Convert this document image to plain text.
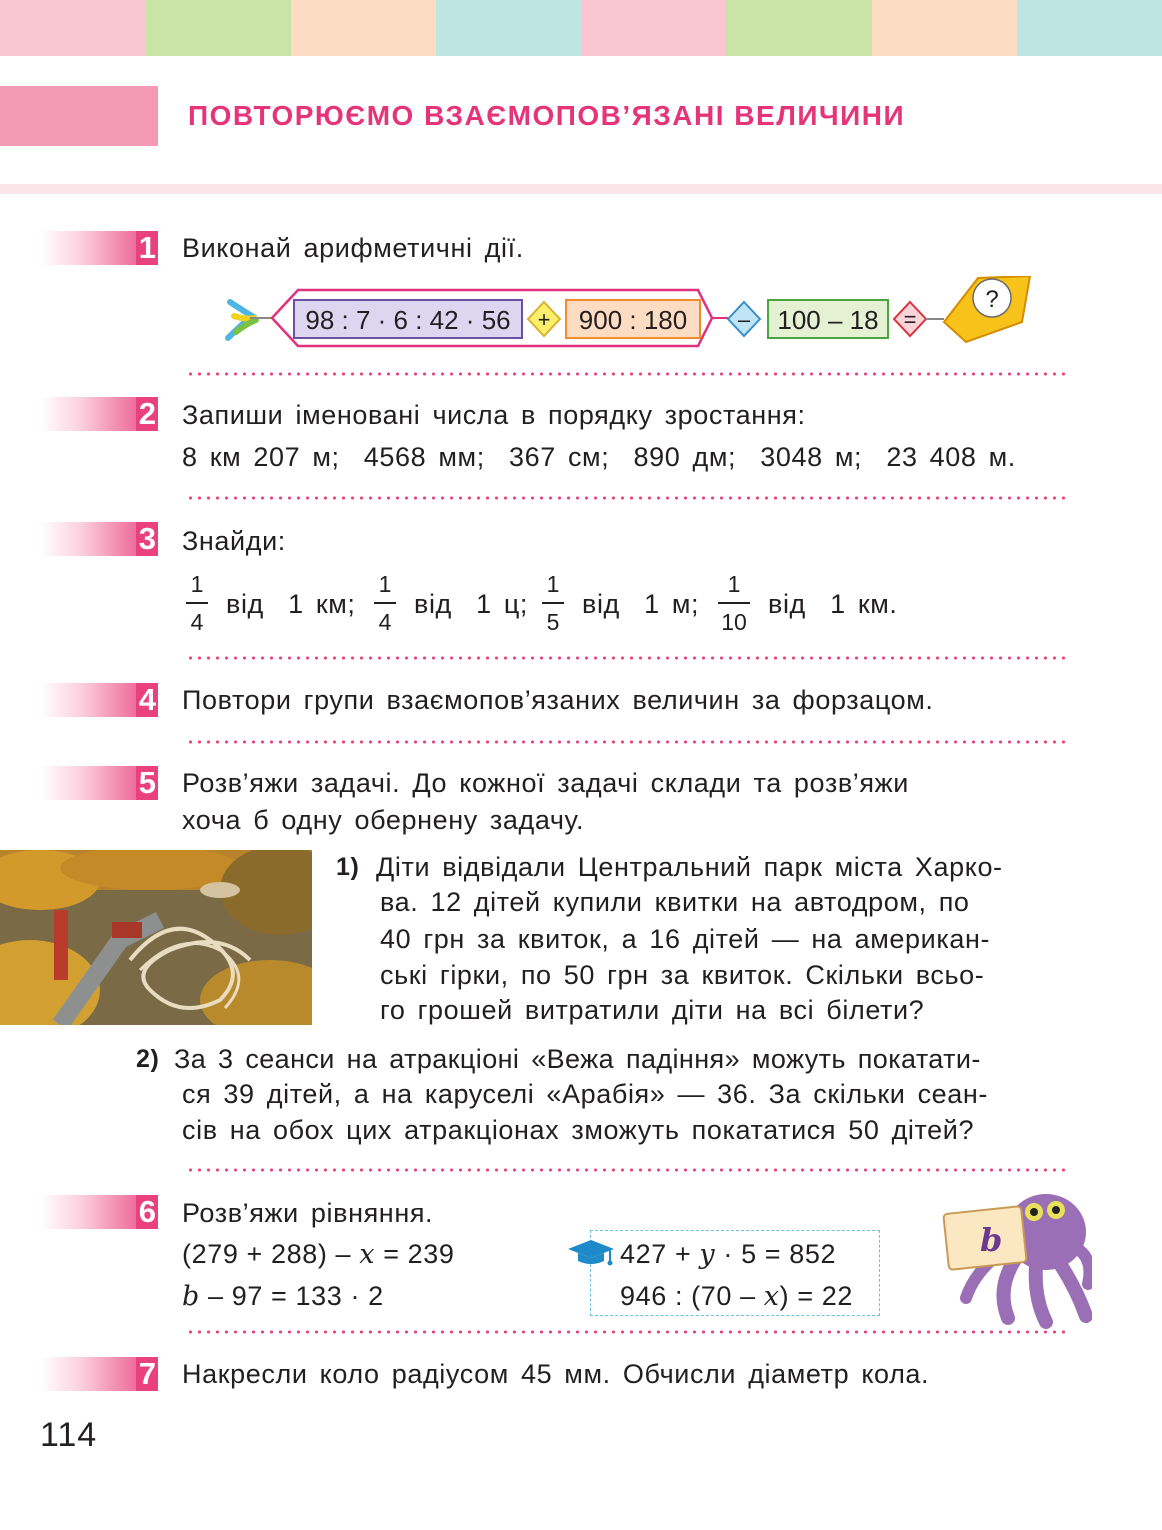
ПОВТОРЮЄМО ВЗАЄМОПОВ’ЯЗАНІ ВЕЛИЧИНИ
1 Виконай арифметичні дії.
98 : 7 · 6 : 42 · 56 + 900 : 180 – 100 – 18 =
?
2 Запиши іменовані числа в порядку зростання:
8 км 207 м;  4568 мм;  367 см;  890 дм;  3048 м;  23 408 м.
3 Знайди:
1
4
від  1 км;
1
4
від  1 ц;
1
5
від  1 м;
1
10
від  1 км.
4 Повтори групи взаємопов’язаних величин за форзацом.
5 Розв’яжи задачі. До кожної задачі склади та розв’яжи
хоча б одну обернену задачу.
1) Діти відвідали Центральний парк міста Харко-
ва. 12 дітей купили квитки на автодром, по
40 грн за квиток, а 16 дітей — на американ-
ські гірки, по 50 грн за квиток. Скільки всьо-
го грошей витратили діти на всі білети?
2) За 3 сеанси на атракціоні «Вежа падіння» можуть покатати-
ся 39 дітей, а на каруселі «Арабія» — 36. За скільки сеан-
сів на обох цих атракціонах зможуть покататися 50 дітей?
6 Розв’яжи рівняння.
(279 + 288) – x = 239
b – 97 = 133 · 2
427 + y · 5 = 852
946 : (70 – x) = 22
b
7 Накресли коло радіусом 45 мм. Обчисли діаметр кола.
114
